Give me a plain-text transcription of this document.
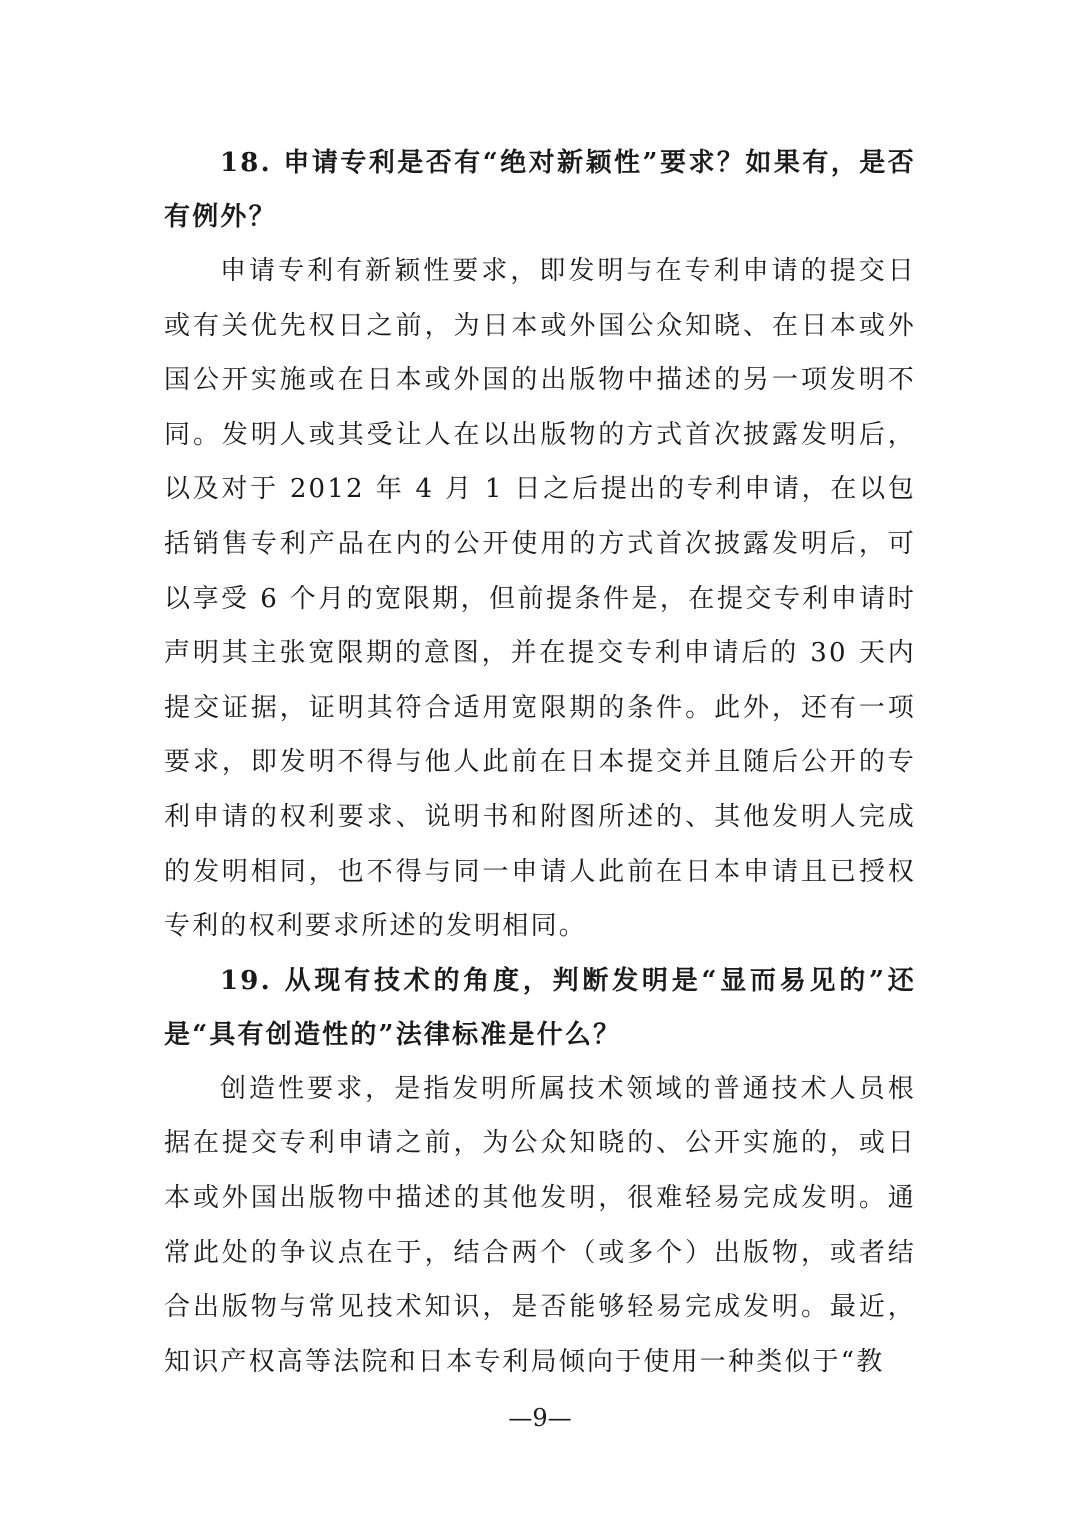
18. 申请专利是否有“绝对新颖性”要求？如果有，是否有例外？

申请专利有新颖性要求，即发明与在专利申请的提交日或有关优先权日之前，为日本或外国公众知晓、在日本或外国公开实施或在日本或外国的出版物中描述的另一项发明不同。发明人或其受让人在以出版物的方式首次披露发明后，以及对于 2012 年 4 月 1 日之后提出的专利申请，在以包括销售专利产品在内的公开使用的方式首次披露发明后，可以享受 6 个月的宽限期，但前提条件是，在提交专利申请时声明其主张宽限期的意图，并在提交专利申请后的 30 天内提交证据，证明其符合适用宽限期的条件。此外，还有一项要求，即发明不得与他人此前在日本提交并且随后公开的专利申请的权利要求、说明书和附图所述的、其他发明人完成的发明相同，也不得与同一申请人此前在日本申请且已授权专利的权利要求所述的发明相同。

19. 从现有技术的角度，判断发明是“显而易见的”还是“具有创造性的”法律标准是什么？

创造性要求，是指发明所属技术领域的普通技术人员根据在提交专利申请之前，为公众知晓的、公开实施的，或日本或外国出版物中描述的其他发明，很难轻易完成发明。通常此处的争议点在于，结合两个（或多个）出版物，或者结合出版物与常见技术知识，是否能够轻易完成发明。最近，知识产权高等法院和日本专利局倾向于使用一种类似于“教

—9—
